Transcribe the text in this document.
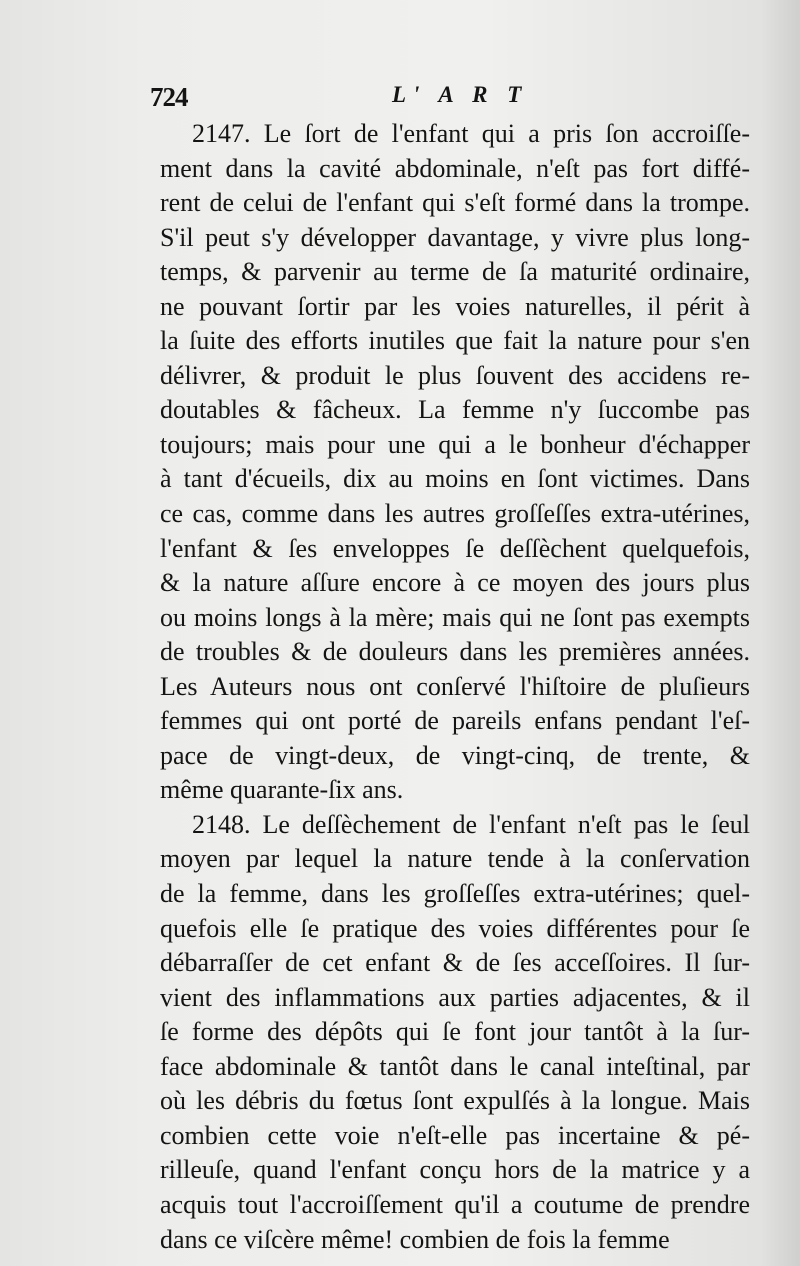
724	L' A R T
2147. Le ſort de l'enfant qui a pris ſon accroiſſe-
ment dans la cavité abdominale, n'eſt pas fort diffé-
rent de celui de l'enfant qui s'eſt formé dans la trompe.
S'il peut s'y développer davantage, y vivre plus long-
temps, & parvenir au terme de ſa maturité ordinaire,
ne pouvant ſortir par les voies naturelles, il périt à
la ſuite des efforts inutiles que fait la nature pour s'en
délivrer, & produit le plus ſouvent des accidens re-
doutables & fâcheux. La femme n'y ſuccombe pas
toujours; mais pour une qui a le bonheur d'échapper
à tant d'écueils, dix au moins en ſont victimes. Dans
ce cas, comme dans les autres groſſeſſes extra-utérines,
l'enfant & ſes enveloppes ſe deſſèchent quelquefois,
& la nature aſſure encore à ce moyen des jours plus
ou moins longs à la mère; mais qui ne ſont pas exempts
de troubles & de douleurs dans les premières années.
Les Auteurs nous ont conſervé l'hiſtoire de pluſieurs
femmes qui ont porté de pareils enfans pendant l'eſ-
pace de vingt-deux, de vingt-cinq, de trente, &
même quarante-ſix ans.
2148. Le deſſèchement de l'enfant n'eſt pas le ſeul
moyen par lequel la nature tende à la conſervation
de la femme, dans les groſſeſſes extra-utérines; quel-
quefois elle ſe pratique des voies différentes pour ſe
débarraſſer de cet enfant & de ſes acceſſoires. Il ſur-
vient des inflammations aux parties adjacentes, & il
ſe forme des dépôts qui ſe font jour tantôt à la ſur-
face abdominale & tantôt dans le canal inteſtinal, par
où les débris du fœtus ſont expulſés à la longue. Mais
combien cette voie n'eſt-elle pas incertaine & pé-
rilleuſe, quand l'enfant conçu hors de la matrice y a
acquis tout l'accroiſſement qu'il a coutume de prendre
dans ce viſcère même! combien de fois la femme
